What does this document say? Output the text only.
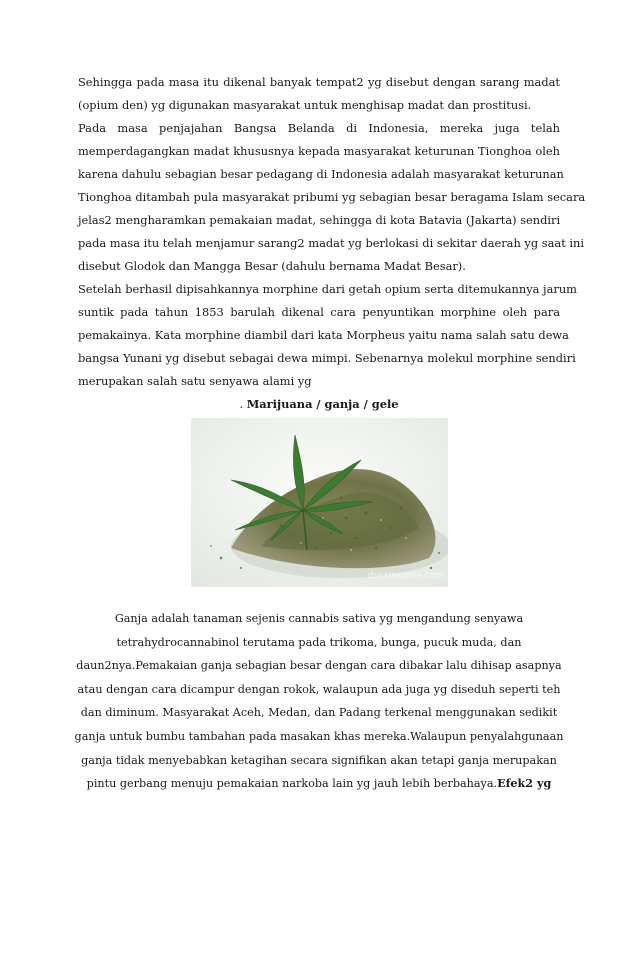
Sehingga pada masa itu dikenal banyak tempat2 yg disebut dengan sarang madat
(opium den) yg digunakan masyarakat untuk menghisap madat dan prostitusi.

Pada masa penjajahan Bangsa Belanda di Indonesia, mereka juga telah
memperdagangkan madat khususnya kepada masyarakat keturunan Tionghoa oleh
karena dahulu sebagian besar pedagang di Indonesia adalah masyarakat keturunan
Tionghoa ditambah pula masyarakat pribumi yg sebagian besar beragama Islam secara
jelas2 mengharamkan pemakaian madat, sehingga di kota Batavia (Jakarta) sendiri
pada masa itu telah menjamur sarang2 madat yg berlokasi di sekitar daerah yg saat ini
disebut Glodok dan Mangga Besar (dahulu bernama Madat Besar).

Setelah berhasil dipisahkannya morphine dari getah opium serta ditemukannya jarum
suntik pada tahun 1853 barulah dikenal cara penyuntikan morphine oleh para
pemakainya. Kata morphine diambil dari kata Morpheus yaitu nama salah satu dewa
bangsa Yunani yg disebut sebagai dewa mimpi. Sebenarnya molekul morphine sendiri
merupakan salah satu senyawa alami yg

. Marijuana / ganja / gele

dreamstime.com

Ganja adalah tanaman sejenis cannabis sativa yg mengandung senyawa
tetrahydrocannabinol terutama pada trikoma, bunga, pucuk muda, dan
daun2nya.Pemakaian ganja sebagian besar dengan cara dibakar lalu dihisap asapnya
atau dengan cara dicampur dengan rokok, walaupun ada juga yg diseduh seperti teh
dan diminum. Masyarakat Aceh, Medan, dan Padang terkenal menggunakan sedikit
ganja untuk bumbu tambahan pada masakan khas mereka.Walaupun penyalahgunaan
ganja tidak menyebabkan ketagihan secara signifikan akan tetapi ganja merupakan
pintu gerbang menuju pemakaian narkoba lain yg jauh lebih berbahaya.Efek2 yg
